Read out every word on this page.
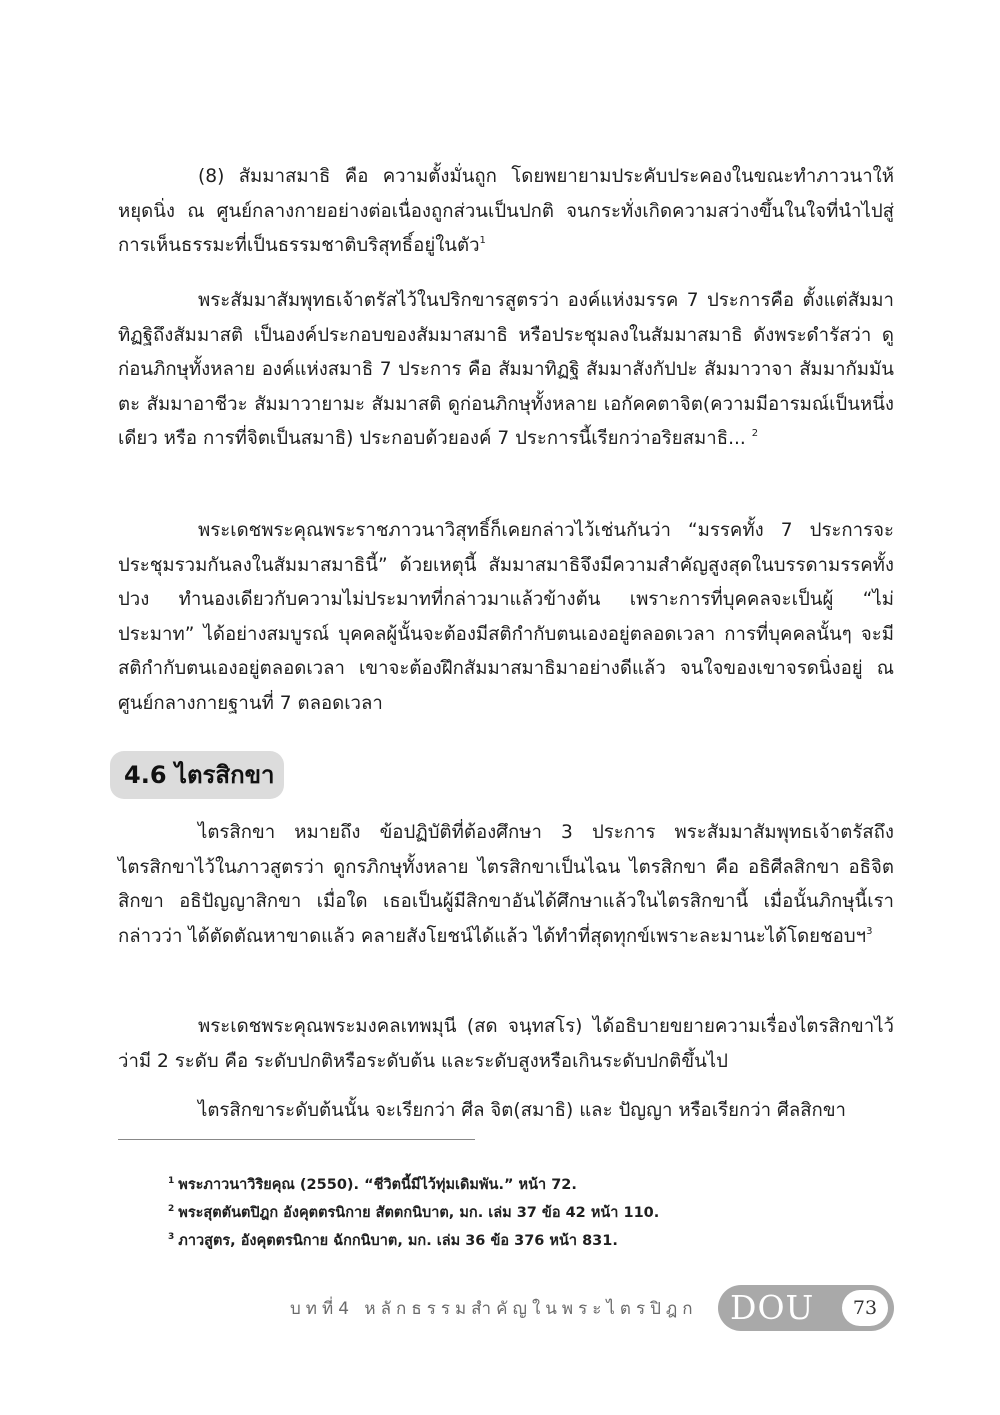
(8) สัมมาสมาธิ คือ ความตั้งมั่นถูก โดยพยายามประคับประคองในขณะทำภาวนาให้หยุดนิ่ง ณ ศูนย์กลางกายอย่างต่อเนื่องถูกส่วนเป็นปกติ จนกระทั่งเกิดความสว่างขึ้นในใจที่นำไปสู่การเห็นธรรมะที่เป็นธรรมชาติบริสุทธิ์อยู่ในตัว$^1$

พระสัมมาสัมพุทธเจ้าตรัสไว้ในปริกขารสูตรว่า องค์แห่งมรรค 7 ประการคือ ตั้งแต่สัมมาทิฏฐิถึงสัมมาสติ เป็นองค์ประกอบของสัมมาสมาธิ หรือประชุมลงในสัมมาสมาธิ ดังพระดำรัสว่า ดูก่อนภิกษุทั้งหลาย องค์แห่งสมาธิ 7 ประการ คือ สัมมาทิฏฐิ สัมมาสังกัปปะ สัมมาวาจา สัมมากัมมันตะ สัมมาอาชีวะ สัมมาวายามะ สัมมาสติ ดูก่อนภิกษุทั้งหลาย เอกัคคตาจิต(ความมีอารมณ์เป็นหนึ่งเดียว หรือ การที่จิตเป็นสมาธิ) ประกอบด้วยองค์ 7 ประการนี้เรียกว่าอริยสมาธิ... $^2$

พระเดชพระคุณพระราชภาวนาวิสุทธิ์ก็เคยกล่าวไว้เช่นกันว่า “มรรคทั้ง 7 ประการจะประชุมรวมกันลงในสัมมาสมาธินี้” ด้วยเหตุนี้ สัมมาสมาธิจึงมีความสำคัญสูงสุดในบรรดามรรคทั้งปวง ทำนองเดียวกับความไม่ประมาทที่กล่าวมาแล้วข้างต้น เพราะการที่บุคคลจะเป็นผู้ “ไม่ประมาท” ได้อย่างสมบูรณ์ บุคคลผู้นั้นจะต้องมีสติกำกับตนเองอยู่ตลอดเวลา การที่บุคคลนั้นๆ จะมีสติกำกับตนเองอยู่ตลอดเวลา เขาจะต้องฝึกสัมมาสมาธิมาอย่างดีแล้ว จนใจของเขาจรดนิ่งอยู่ ณ ศูนย์กลางกายฐานที่ 7 ตลอดเวลา

4.6 ไตรสิกขา

ไตรสิกขา หมายถึง ข้อปฏิบัติที่ต้องศึกษา 3 ประการ พระสัมมาสัมพุทธเจ้าตรัสถึงไตรสิกขาไว้ในภาวสูตรว่า ดูกรภิกษุทั้งหลาย ไตรสิกขาเป็นไฉน ไตรสิกขา คือ อธิศีลสิกขา อธิจิตสิกขา อธิปัญญาสิกขา เมื่อใด เธอเป็นผู้มีสิกขาอันได้ศึกษาแล้วในไตรสิกขานี้ เมื่อนั้นภิกษุนี้เรากล่าวว่า ได้ตัดตัณหาขาดแล้ว คลายสังโยชน์ได้แล้ว ได้ทำที่สุดทุกข์เพราะละมานะได้โดยชอบฯ$^3$

พระเดชพระคุณพระมงคลเทพมุนี (สด จนฺทสโร) ได้อธิบายขยายความเรื่องไตรสิกขาไว้ว่ามี 2 ระดับ คือ ระดับปกติหรือระดับต้น และระดับสูงหรือเกินระดับปกติขึ้นไป

ไตรสิกขาระดับต้นนั้น จะเรียกว่า ศีล จิต(สมาธิ) และ ปัญญา หรือเรียกว่า ศีลสิกขา

$^1$ พระภาวนาวิริยคุณ (2550). “ชีวิตนี้มีไว้ทุ่มเดิมพัน.” หน้า 72.
$^2$ พระสุตตันตปิฎก อังคุตตรนิกาย สัตตกนิบาต, มก. เล่ม 37 ข้อ 42 หน้า 110.
$^3$ ภาวสูตร, อังคุตตรนิกาย ฉักกนิบาต, มก. เล่ม 36 ข้อ 376 หน้า 831.
บทที่4 หลักธรรมสำคัญในพระไตรปิฎก DOU	73
